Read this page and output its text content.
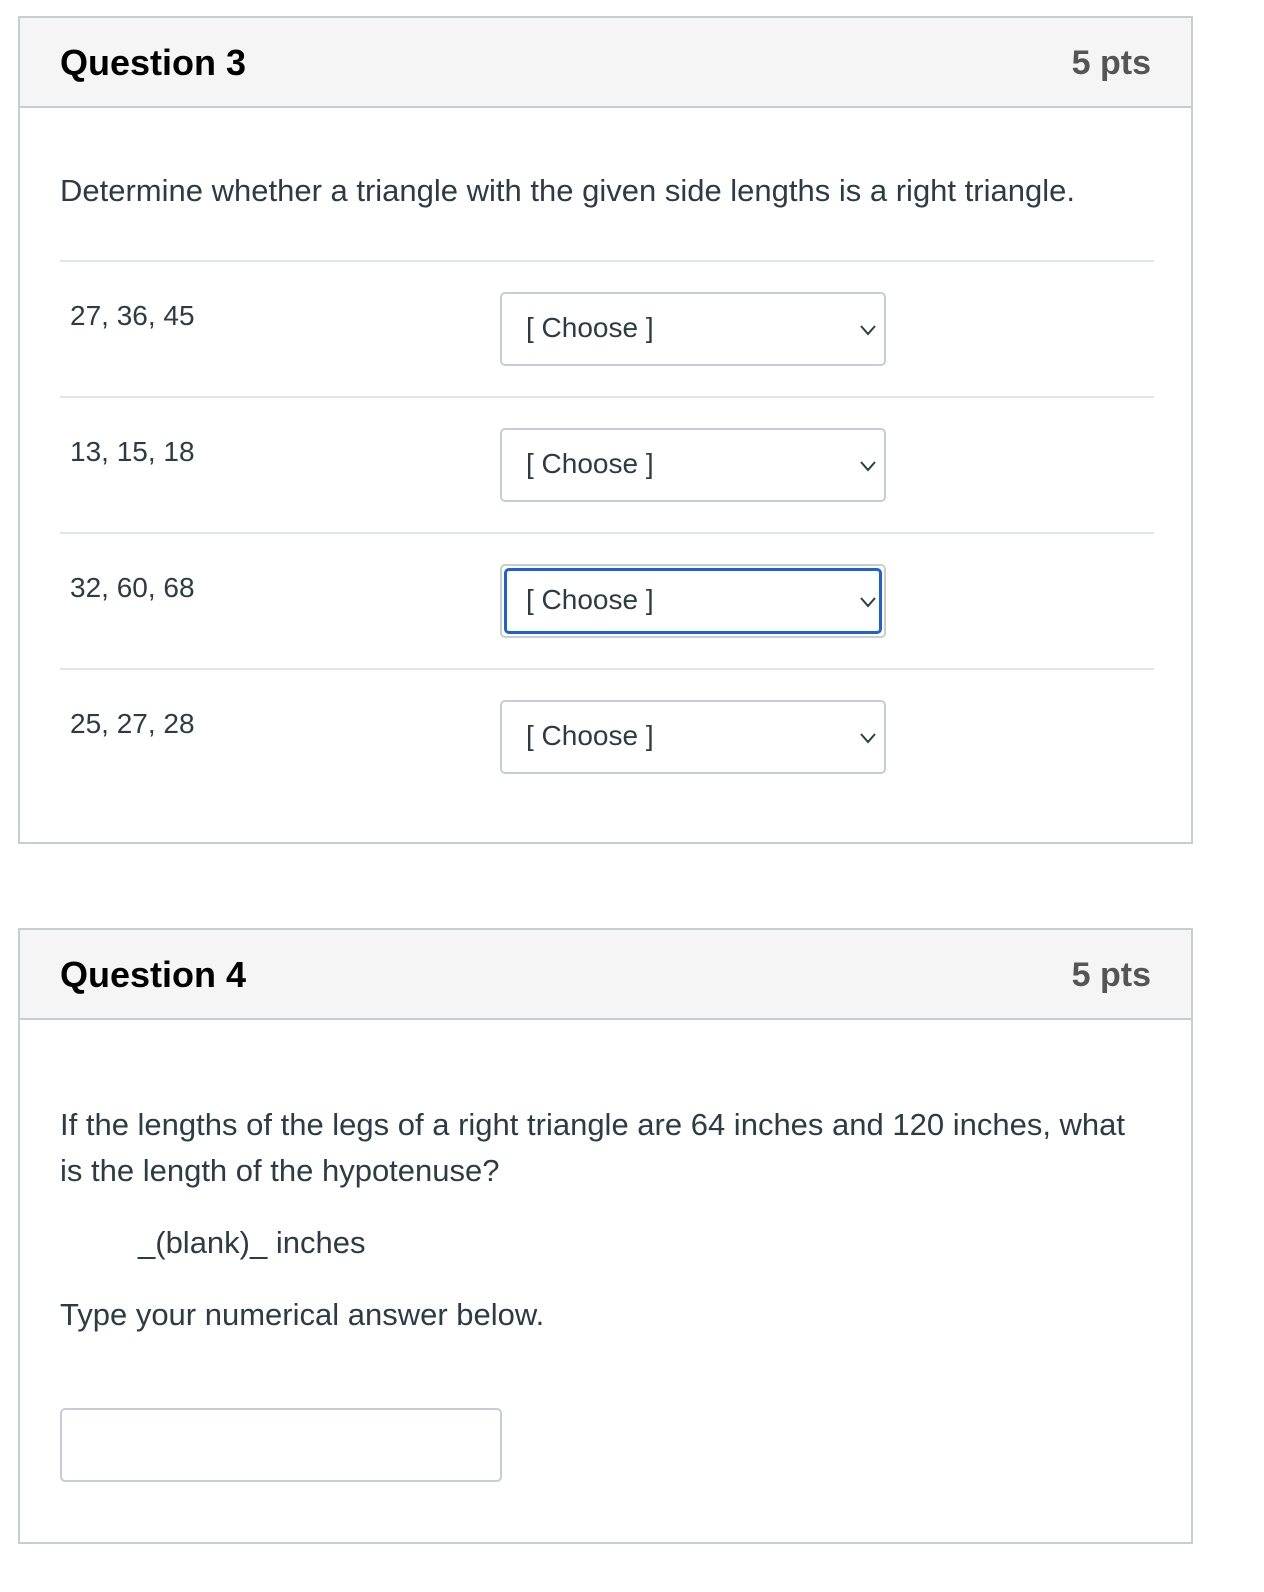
Question 3	5 pts
Determine whether a triangle with the given side lengths is a right triangle.
27, 36, 45	[ Choose ]
13, 15, 18	[ Choose ]
32, 60, 68	[ Choose ]
25, 27, 28	[ Choose ]
Question 4	5 pts
If the lengths of the legs of a right triangle are 64 inches and 120 inches, what is the length of the hypotenuse?
_(blank)_ inches
Type your numerical answer below.
